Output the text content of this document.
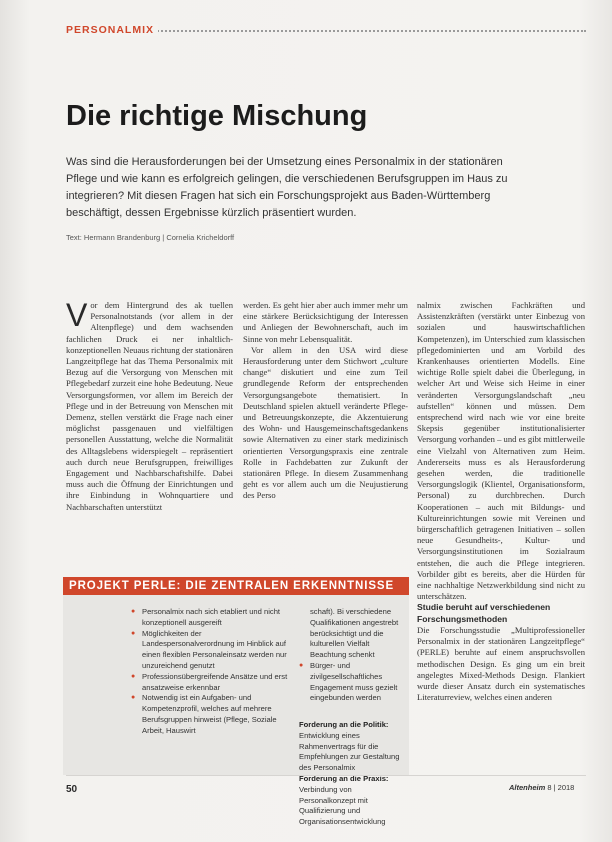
PERSONALMIX
Die richtige Mischung

Was sind die Herausforderungen bei der Umsetzung eines Personalmix in der stationären Pflege und wie kann es erfolgreich gelingen, die verschiedenen Berufsgruppen im Haus zu integrieren? Mit diesen Fragen hat sich ein Forschungsprojekt aus Baden-Württemberg beschäftigt, dessen Ergebnisse kürzlich präsentiert wurden.

Text: Hermann Brandenburg | Cornelia Kricheldorff
V or dem Hintergrund des ak tuellen Personalnotstands (vor allem in der Altenpflege) und dem wachsenden fachlichen Druck ei ner inhaltlich-konzeptionellen Neuaus richtung der stationären Langzeitpflege hat das Thema Personalmix mit Bezug auf die Versorgung von Menschen mit Pflegebedarf zurzeit eine hohe Bedeutung. Neue Versorgungsformen, vor allem im Bereich der Pflege und in der Betreuung von Menschen mit Demenz, stellen verstärkt die Frage nach einer möglichst passgenauen und vielfältigen personellen Ausstattung, welche die Normalität des Alltagslebens widerspiegelt – repräsentiert auch durch neue Berufsgruppen, freiwilliges Engagement und Nachbarschaftshilfe. Dabei muss auch die Öffnung der Einrichtungen und ihre Einbindung in Wohnquartiere und Nachbarschaften unterstützt

werden. Es geht hier aber auch immer mehr um eine stärkere Berücksichtigung der Interessen und Anliegen der Bewohnerschaft, auch im Sinne von mehr Lebensqualität.

Vor allem in den USA wird diese Herausforderung unter dem Stichwort „culture change“ diskutiert und eine zum Teil grundlegende Reform der entsprechenden Versorgungsangebote thematisiert. In Deutschland spielen aktuell veränderte Pflege- und Betreuungskonzepte, die Akzentuierung des Wohn- und Hausgemeinschaftsgedankens sowie Alternativen zu einer stark medizinisch orientierten Versorgungspraxis eine zentrale Rolle in Fachdebatten zur Zukunft der stationären Pflege. In diesem Zusammenhang geht es vor allem auch um die Neujustierung des Perso

nalmix zwischen Fachkräften und Assistenzkräften (verstärkt unter Einbezug von sozialen und hauswirtschaftlichen Kompetenzen), im Unterschied zum klassischen pflegedominierten und am Vorbild des Krankenhauses orientierten Modells. Eine wichtige Rolle spielt dabei die Überlegung, in welcher Art und Weise sich Heime in einer veränderten Versorgungslandschaft „neu aufstellen“ können und müssen. Dem entsprechend wird nach wie vor eine breite Skepsis gegenüber institutionalisierter Versorgung vorhanden – und es gibt mittlerweile eine Vielzahl von Alternativen zum Heim. Andererseits muss es als Herausforderung gesehen werden, die traditionelle Versorgungslogik (Klientel, Organisationsform, Personal) zu durchbrechen. Durch Kooperationen – auch mit Bildungs- und Kultureinrichtungen sowie mit Vereinen und bürgerschaftlich getragenen Initiativen – sollen neue Gesundheits-, Kultur- und Versorgungsinstitutionen im Sozialraum entstehen, die auch die Pflege integrieren. Vorbilder gibt es bereits, aber die Hürden für eine nachhaltige Netzwerkbildung sind nicht zu unterschätzen.

Studie beruht auf verschiedenen Forschungsmethoden

Die Forschungsstudie „Multiprofessioneller Personalmix in der stationären Langzeitpflege“ (PERLE) beruhte auf einem anspruchsvollen methodischen Design. Es ging um ein breit angelegtes Mixed-Methods Design. Flankiert wurde dieser Ansatz durch ein systematisches Literaturreview, welches einen anderen

PROJEKT PERLE: DIE ZENTRALEN ERKENNTNISSE
● Personalmix nach sich etabliert und nicht konzeptionell ausgereift
● Möglichkeiten der Landespersonalverordnung im Hinblick auf einen flexiblen Personaleinsatz werden nur unzureichend genutzt
● Professionsübergreifende Ansätze und erst ansatzweise erkennbar
● Notwendig ist ein Aufgaben- und Kompetenzprofil, welches auf mehrere Berufsgruppen hinweist (Pflege, Soziale Arbeit, Hauswirt
schaft). Bi verschiedene Qualifikationen angestrebt berücksichtigt und die kulturellen Vielfalt Beachtung schenkt
● Bürger- und zivilgesellschaftliches Engagement muss gezielt eingebunden werden

Forderung an die Politik: Entwicklung eines Rahmenvertrags für die Empfehlungen zur Gestaltung des Personalmix
Forderung an die Praxis: Verbindung von Personalkonzept mit Qualifizierung und Organisationsentwicklung

50	Altenheim 8 | 2018
